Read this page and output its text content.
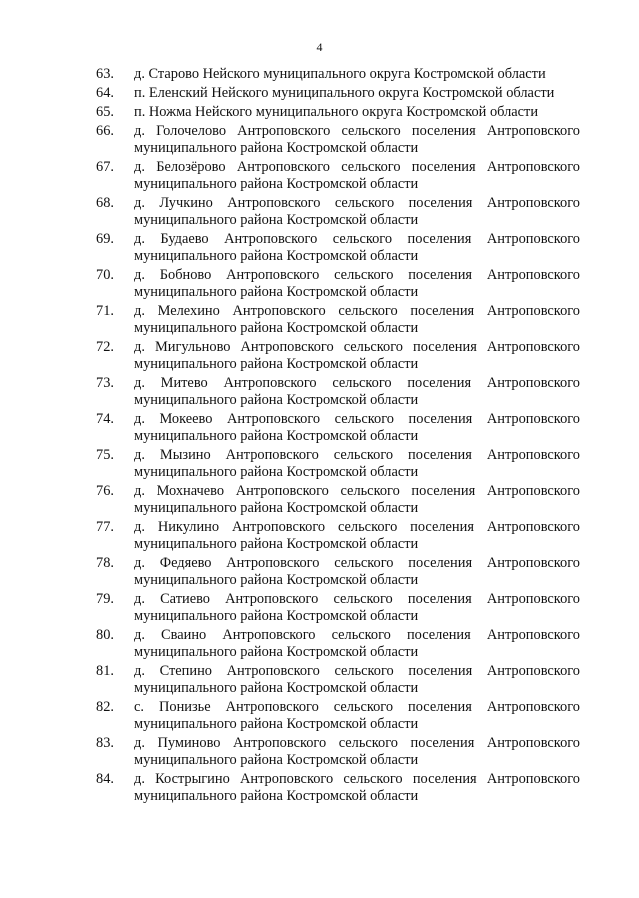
4
63.	д. Старово Нейского муниципального округа Костромской области
64.	п. Еленский Нейского муниципального округа Костромской области
65.	п. Ножма Нейского муниципального округа Костромской области
66.	д. Голочелово Антроповского сельского поселения Антроповского муниципального района Костромской области
67.	д. Белозёрово Антроповского сельского поселения Антроповского муниципального района Костромской области
68.	д. Лучкино Антроповского сельского поселения Антроповского муниципального района Костромской области
69.	д. Будаево Антроповского сельского поселения Антроповского муниципального района Костромской области
70.	д. Бобново Антроповского сельского поселения Антроповского муниципального района Костромской области
71.	д. Мелехино Антроповского сельского поселения Антроповского муниципального района Костромской области
72.	д. Мигульново Антроповского сельского поселения Антроповского муниципального района Костромской области
73.	д. Митево Антроповского сельского поселения Антроповского муниципального района Костромской области
74.	д. Мокеево Антроповского сельского поселения Антроповского муниципального района Костромской области
75.	д. Мызино Антроповского сельского поселения Антроповского муниципального района Костромской области
76.	д. Мохначево Антроповского сельского поселения Антроповского муниципального района Костромской области
77.	д. Никулино Антроповского сельского поселения Антроповского муниципального района Костромской области
78.	д. Федяево Антроповского сельского поселения Антроповского муниципального района Костромской области
79.	д. Сатиево Антроповского сельского поселения Антроповского муниципального района Костромской области
80.	д. Сваино Антроповского сельского поселения Антроповского муниципального района Костромской области
81.	д. Степино Антроповского сельского поселения Антроповского муниципального района Костромской области
82.	с. Понизье Антроповского сельского поселения Антроповского муниципального района Костромской области
83.	д. Пуминово Антроповского сельского поселения Антроповского муниципального района Костромской области
84.	д. Кострыгино Антроповского сельского поселения Антроповского муниципального района Костромской области
